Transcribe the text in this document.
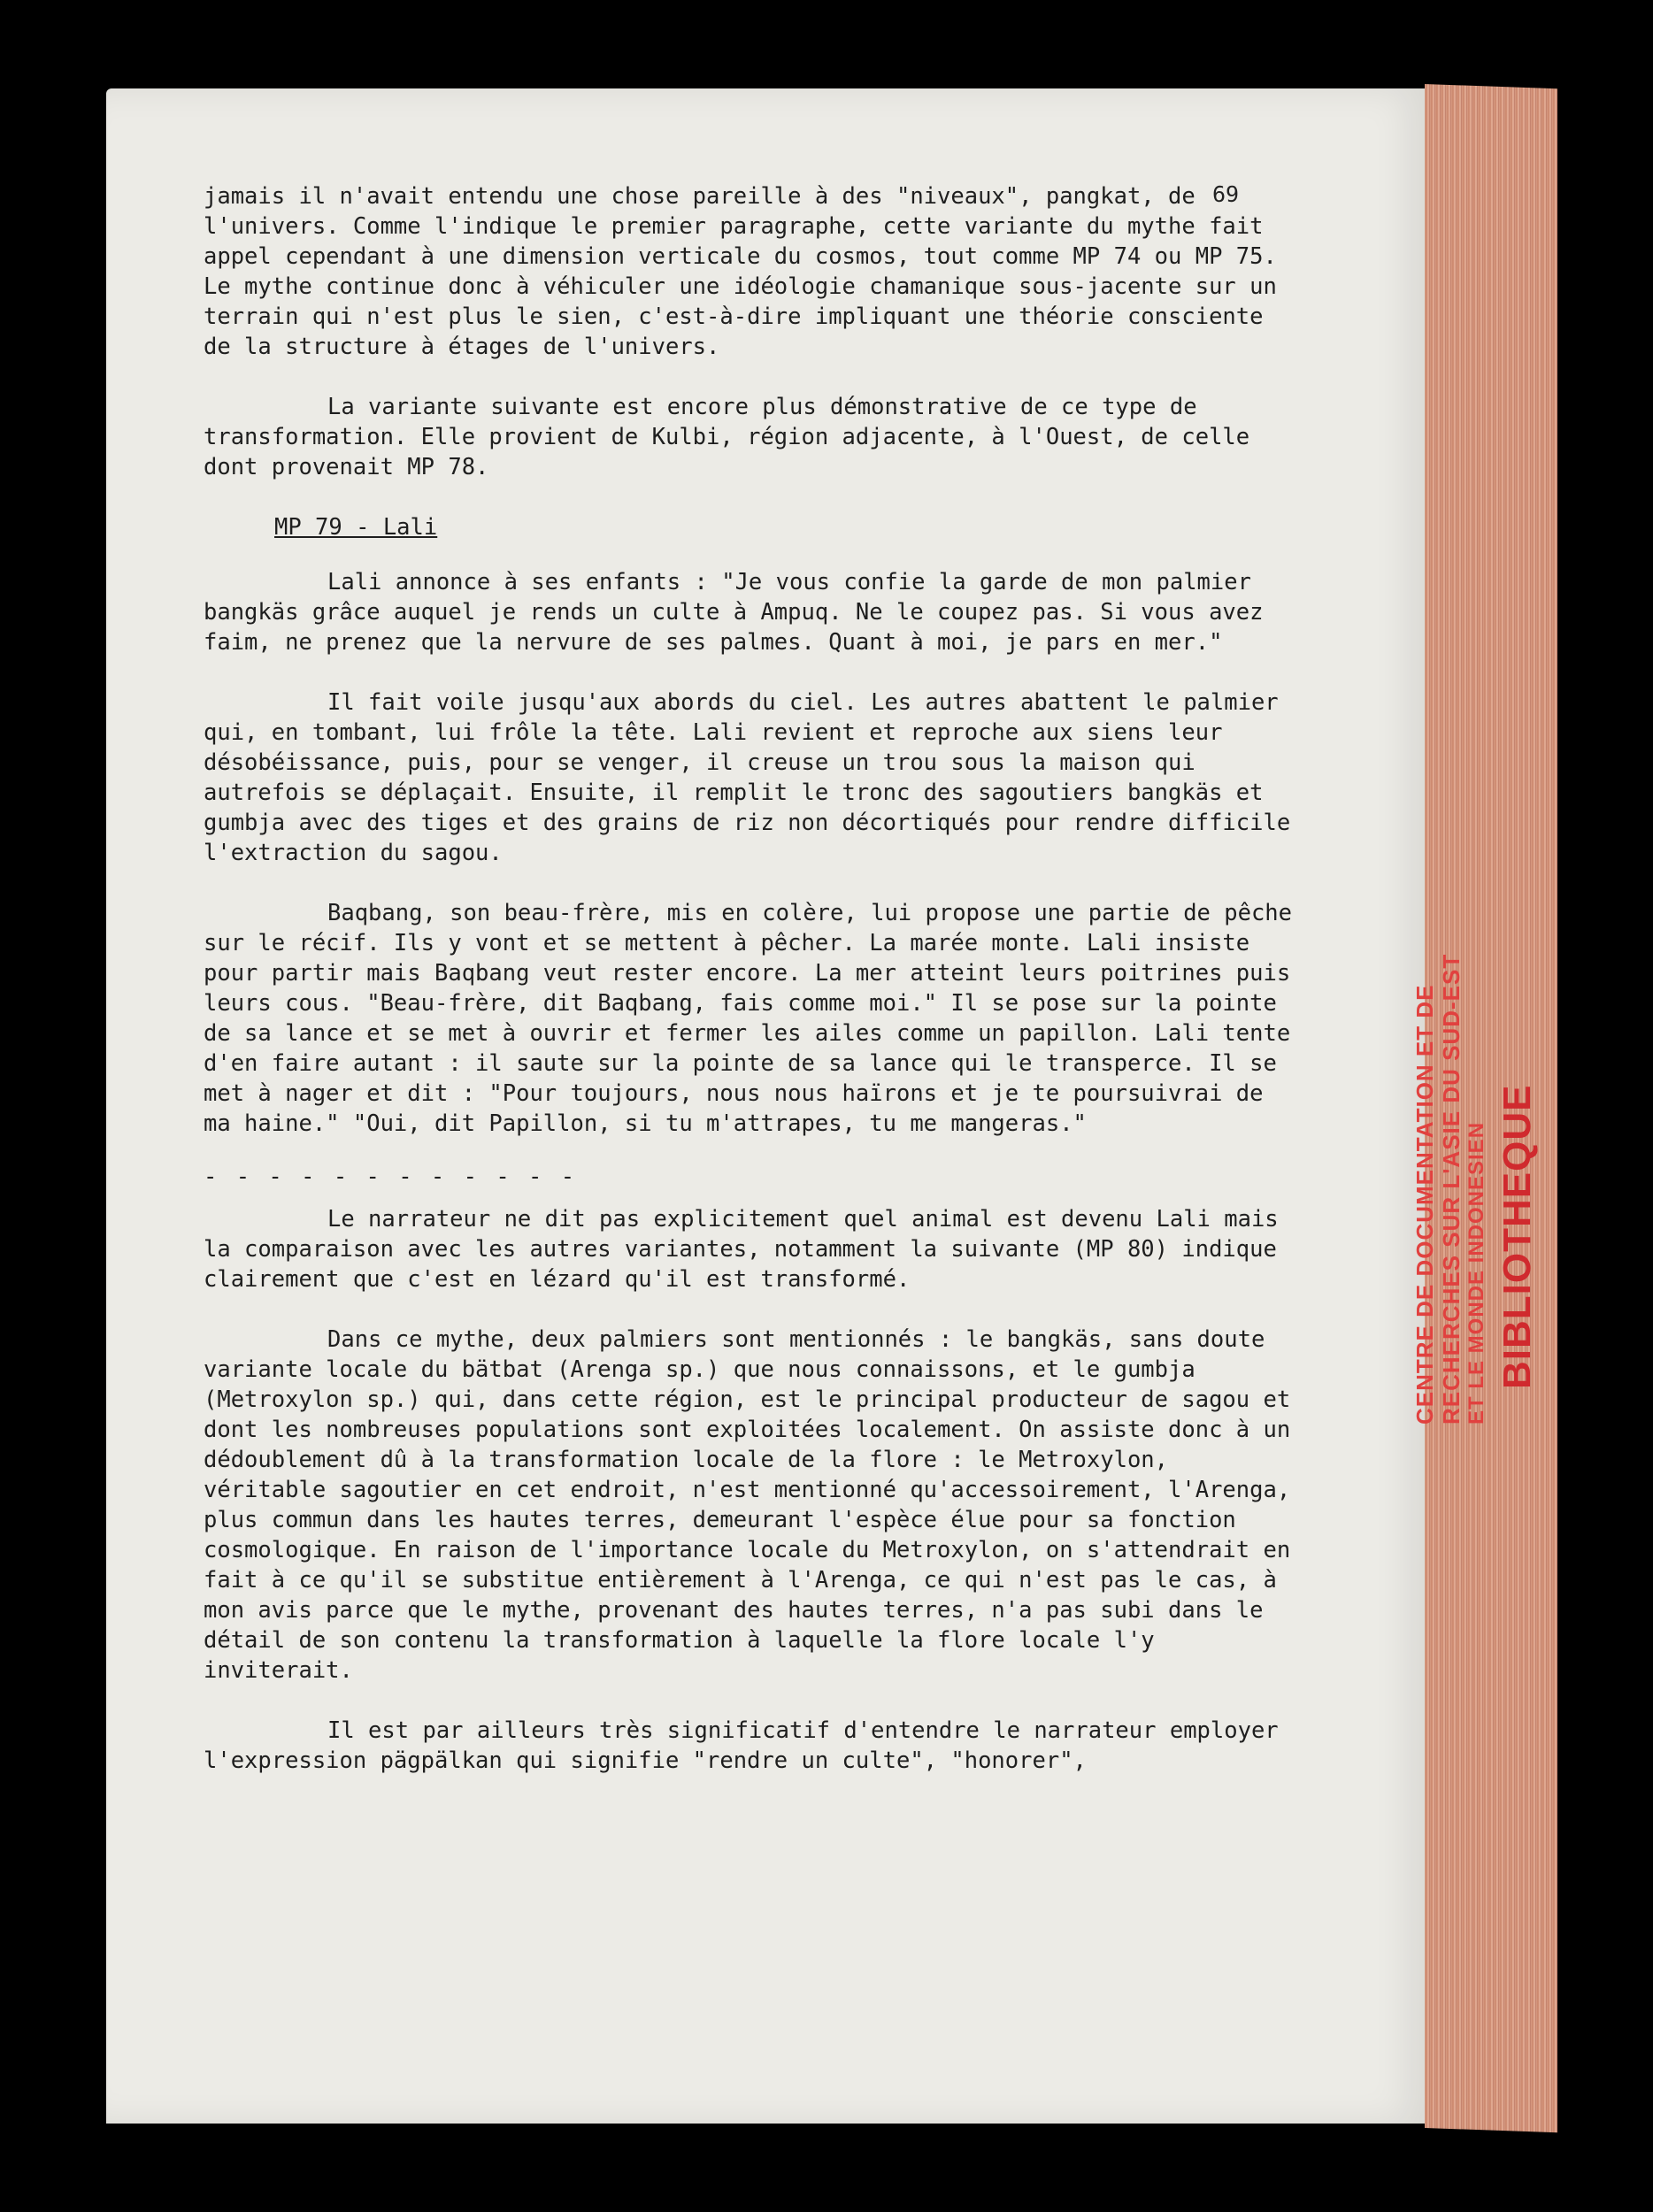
CENTRE DE DOCUMENTATION ET DE RECHERCHES SUR L'ASIE DU SUD-EST ET LE MONDE INDONESIEN BIBLIOTHEQUE
69

jamais il n'avait entendu une chose pareille à des "niveaux", pangkat, de l'univers. Comme l'indique le premier paragraphe, cette variante du mythe fait appel cependant à une dimension verticale du cosmos, tout comme MP 74 ou MP 75. Le mythe continue donc à véhiculer une idéologie chamanique sous-jacente sur un terrain qui n'est plus le sien, c'est-à-dire impliquant une théorie consciente de la structure à étages de l'univers.

La variante suivante est encore plus démonstrative de ce type de transformation. Elle provient de Kulbi, région adjacente, à l'Ouest, de celle dont provenait MP 78.

MP 79 - Lali

Lali annonce à ses enfants : "Je vous confie la garde de mon palmier bangkäs grâce auquel je rends un culte à Ampuq. Ne le coupez pas. Si vous avez faim, ne prenez que la nervure de ses palmes. Quant à moi, je pars en mer."

Il fait voile jusqu'aux abords du ciel. Les autres abattent le palmier qui, en tombant, lui frôle la tête. Lali revient et reproche aux siens leur désobéissance, puis, pour se venger, il creuse un trou sous la maison qui autrefois se déplaçait. Ensuite, il remplit le tronc des sagoutiers bangkäs et gumbja avec des tiges et des grains de riz non décortiqués pour rendre difficile l'extraction du sagou.

Baqbang, son beau-frère, mis en colère, lui propose une partie de pêche sur le récif. Ils y vont et se mettent à pêcher. La marée monte. Lali insiste pour partir mais Baqbang veut rester encore. La mer atteint leurs poitrines puis leurs cous. "Beau-frère, dit Baqbang, fais comme moi." Il se pose sur la pointe de sa lance et se met à ouvrir et fermer les ailes comme un papillon. Lali tente d'en faire autant : il saute sur la pointe de sa lance qui le transperce. Il se met à nager et dit : "Pour toujours, nous nous haïrons et je te poursuivrai de ma haine." "Oui, dit Papillon, si tu m'attrapes, tu me mangeras."

- - - - - - - - - - - -

Le narrateur ne dit pas explicitement quel animal est devenu Lali mais la comparaison avec les autres variantes, notamment la suivante (MP 80) indique clairement que c'est en lézard qu'il est transformé.

Dans ce mythe, deux palmiers sont mentionnés : le bangkäs, sans doute variante locale du bätbat (Arenga sp.) que nous connaissons, et le gumbja (Metroxylon sp.) qui, dans cette région, est le principal producteur de sagou et dont les nombreuses populations sont exploitées localement. On assiste donc à un dédoublement dû à la transformation locale de la flore : le Metroxylon, véritable sagoutier en cet endroit, n'est mentionné qu'accessoirement, l'Arenga, plus commun dans les hautes terres, demeurant l'espèce élue pour sa fonction cosmologique. En raison de l'importance locale du Metroxylon, on s'attendrait en fait à ce qu'il se substitue entièrement à l'Arenga, ce qui n'est pas le cas, à mon avis parce que le mythe, provenant des hautes terres, n'a pas subi dans le détail de son contenu la transformation à laquelle la flore locale l'y inviterait.

Il est par ailleurs très significatif d'entendre le narrateur employer l'expression pägpälkan qui signifie "rendre un culte", "honorer",
